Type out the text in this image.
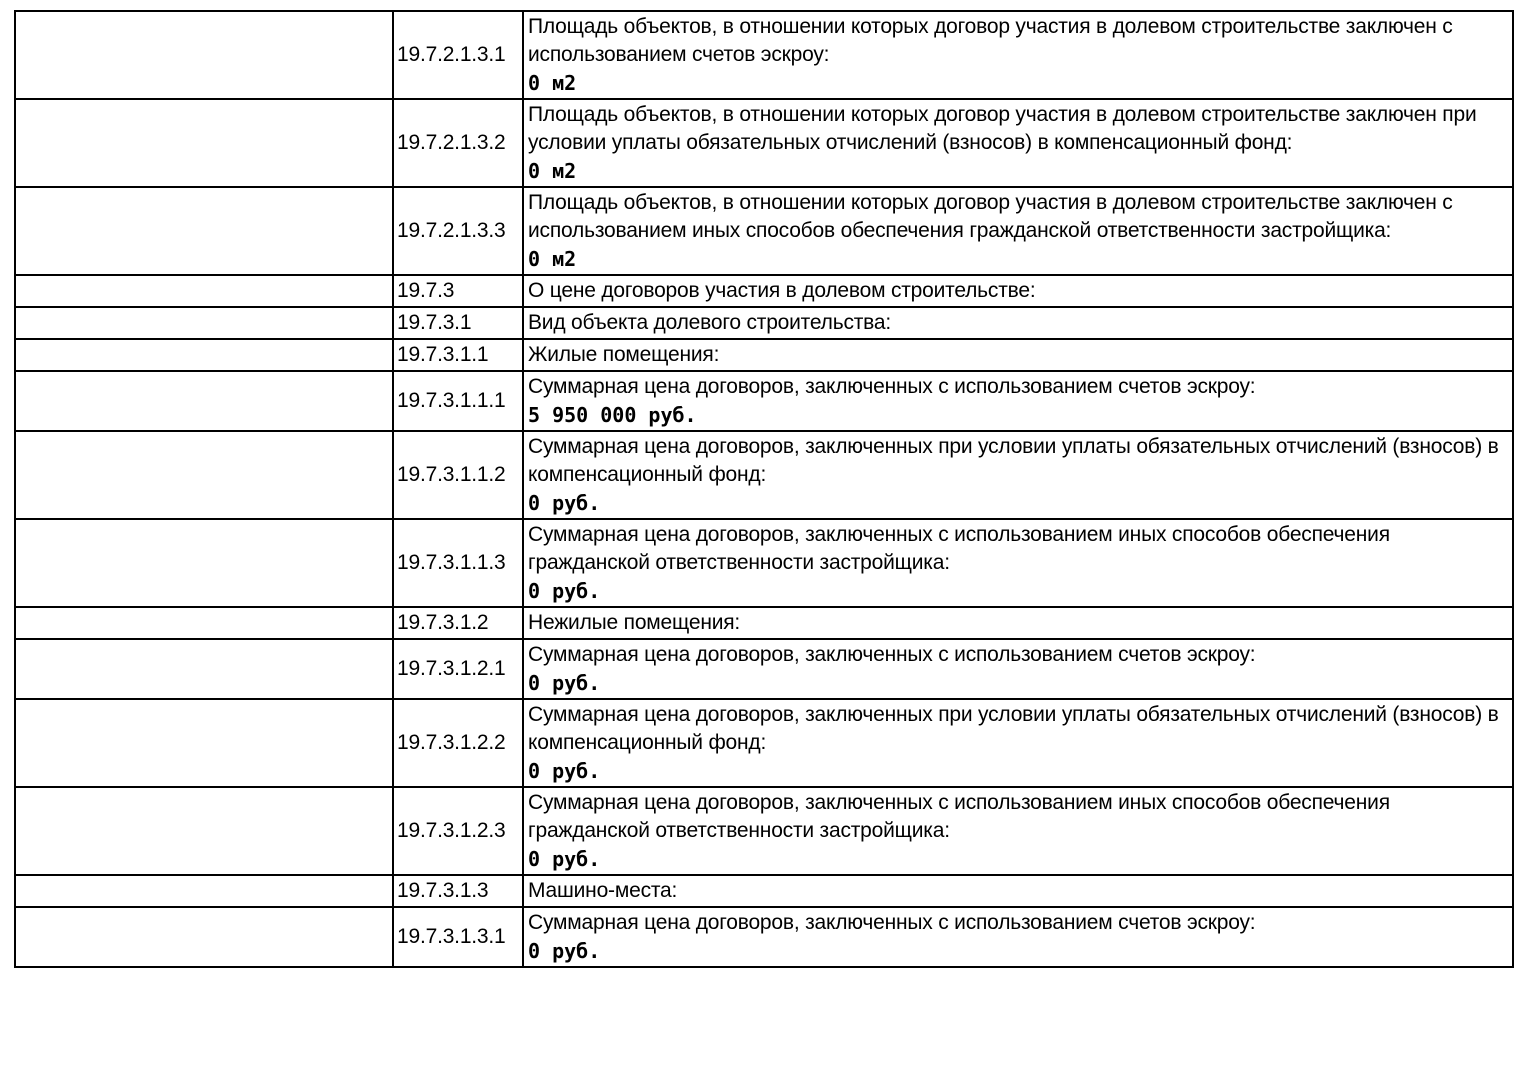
	19.7.2.1.3.1	Площадь объектов, в отношении которых договор участия в долевом строительстве заключен с использованием счетов эскроу:
0 м2

	19.7.2.1.3.2	Площадь объектов, в отношении которых договор участия в долевом строительстве заключен при условии уплаты обязательных отчислений (взносов) в компенсационный фонд:
0 м2

	19.7.2.1.3.3	Площадь объектов, в отношении которых договор участия в долевом строительстве заключен с использованием иных способов обеспечения гражданской ответственности застройщика:
0 м2

	19.7.3	О цене договоров участия в долевом строительстве:

	19.7.3.1	Вид объекта долевого строительства:

	19.7.3.1.1	Жилые помещения:

	19.7.3.1.1.1	Суммарная цена договоров, заключенных с использованием счетов эскроу:
5 950 000 руб.

	19.7.3.1.1.2	Суммарная цена договоров, заключенных при условии уплаты обязательных отчислений (взносов) в компенсационный фонд:
0 руб.

	19.7.3.1.1.3	Суммарная цена договоров, заключенных с использованием иных способов обеспечения гражданской ответственности застройщика:
0 руб.

	19.7.3.1.2	Нежилые помещения:

	19.7.3.1.2.1	Суммарная цена договоров, заключенных с использованием счетов эскроу:
0 руб.

	19.7.3.1.2.2	Суммарная цена договоров, заключенных при условии уплаты обязательных отчислений (взносов) в компенсационный фонд:
0 руб.

	19.7.3.1.2.3	Суммарная цена договоров, заключенных с использованием иных способов обеспечения гражданской ответственности застройщика:
0 руб.

	19.7.3.1.3	Машино-места:

	19.7.3.1.3.1	Суммарная цена договоров, заключенных с использованием счетов эскроу:
0 руб.
